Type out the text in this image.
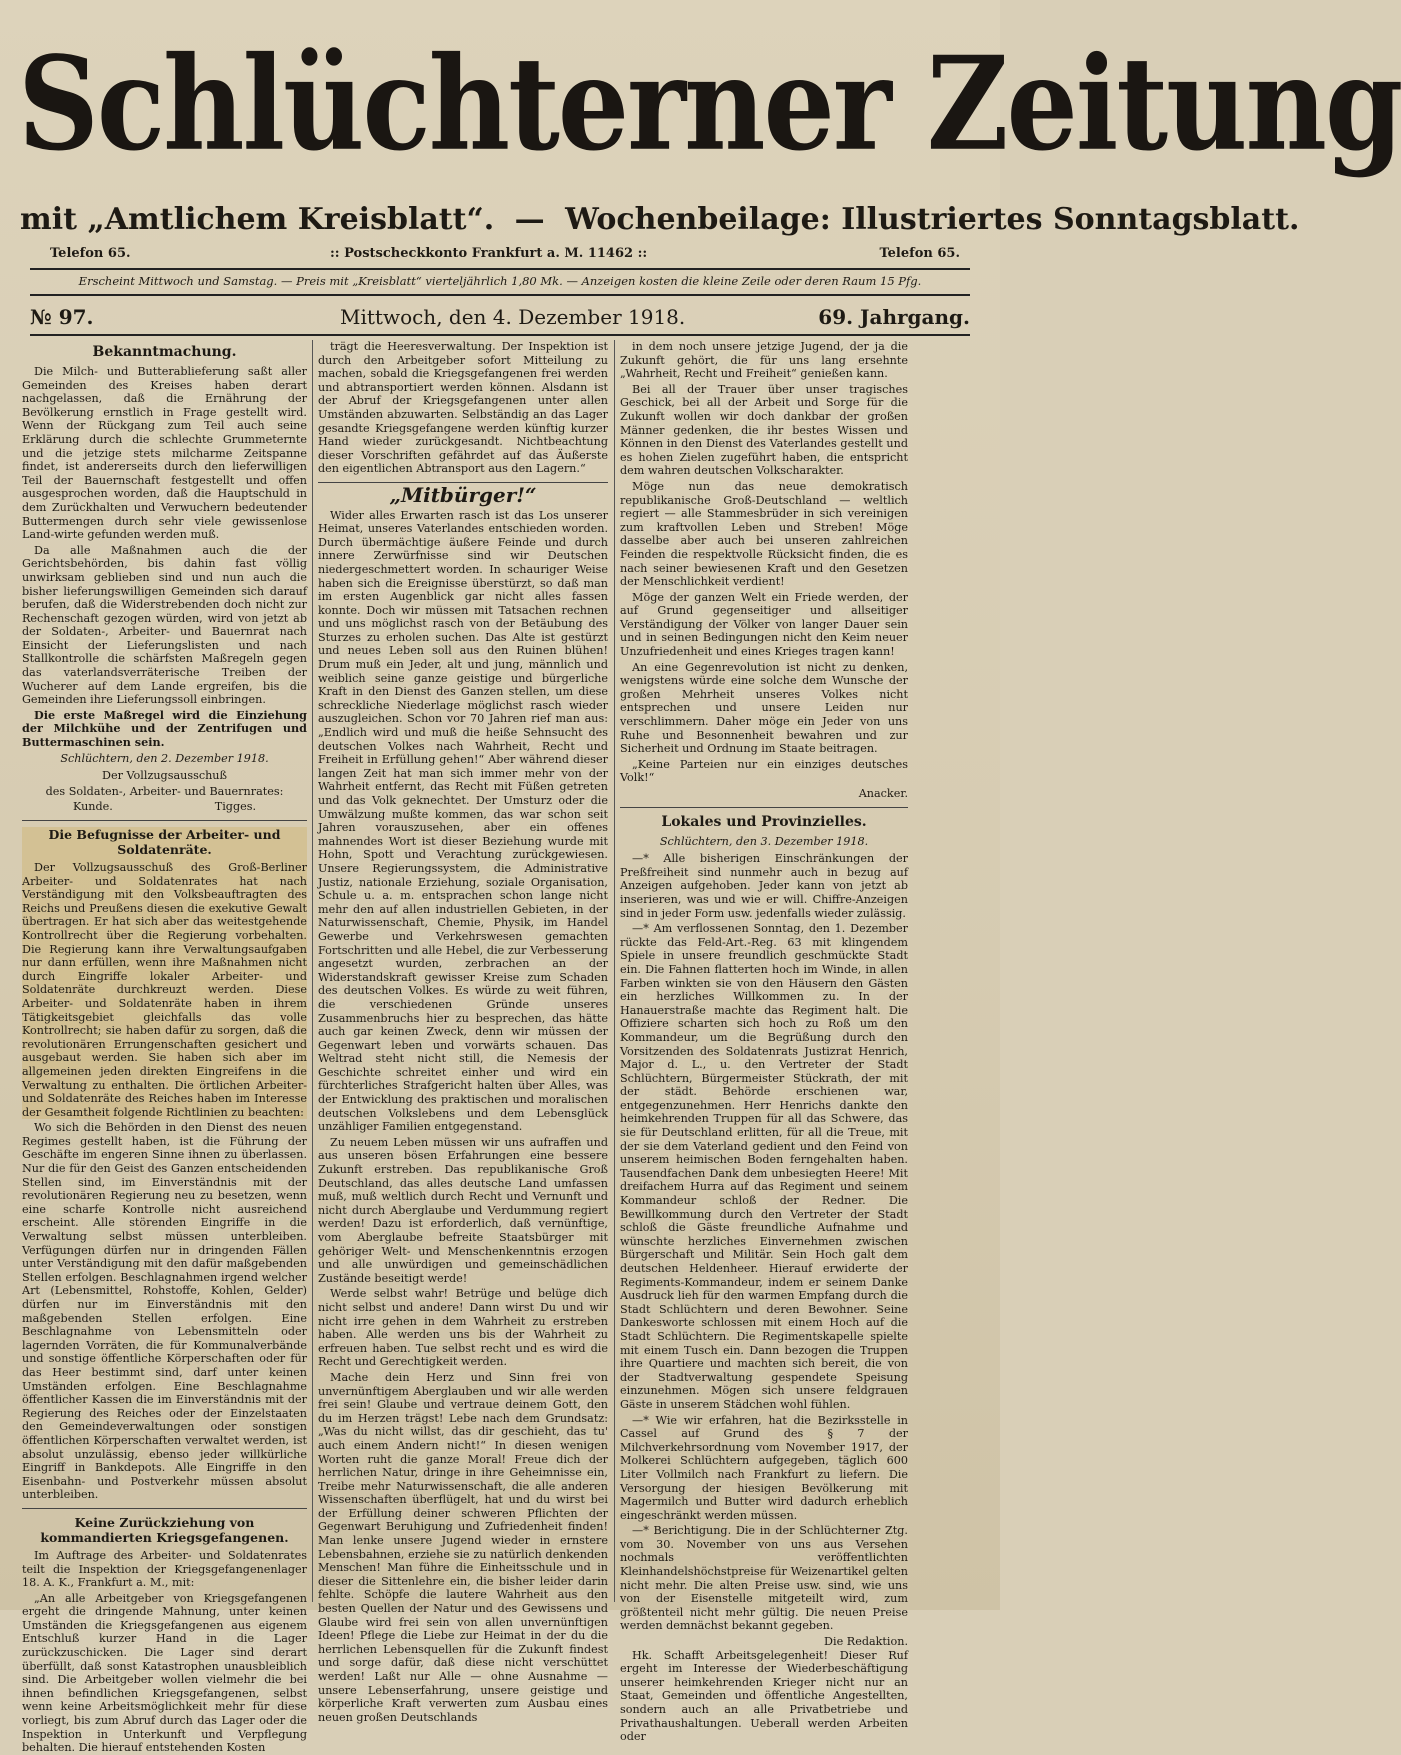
Schlüchterner Zeitung
mit „Amtlichem Kreisblatt“. — Wochenbeilage: Illustriertes Sonntagsblatt.
Telefon 65.	:: Postscheckkonto Frankfurt a. M. 11462 ::	Telefon 65.
Erscheint Mittwoch und Samstag. — Preis mit „Kreisblatt“ vierteljährlich 1,80 Mk. — Anzeigen kosten die kleine Zeile oder deren Raum 15 Pfg.
№ 97.	Mittwoch, den 4. Dezember 1918.	69. Jahrgang.
Bekanntmachung.

Die Milch- und Butterablieferung saßt aller Gemeinden des Kreises haben derart nachgelassen, daß die Ernährung der Bevölkerung ernstlich in Frage gestellt wird. Wenn der Rückgang zum Teil auch seine Erklärung durch die schlechte Grummeternte und die jetzige stets milcharme Zeitspanne findet, ist andererseits durch den lieferwilligen Teil der Bauernschaft festgestellt und offen ausgesprochen worden, daß die Hauptschuld in dem Zurückhalten und Verwuchern bedeutender Buttermengen durch sehr viele gewissenlose Land-wirte gefunden werden muß.

Da alle Maßnahmen auch die der Gerichtsbehörden, bis dahin fast völlig unwirksam geblieben sind und nun auch die bisher lieferungswilligen Gemeinden sich darauf berufen, daß die Widerstrebenden doch nicht zur Rechenschaft gezogen würden, wird von jetzt ab der Soldaten-, Arbeiter- und Bauernrat nach Einsicht der Lieferungslisten und nach Stallkontrolle die schärfsten Maßregeln gegen das vaterlandsverräterische Treiben der Wucherer auf dem Lande ergreifen, bis die Gemeinden ihre Lieferungssoll einbringen.

Die erste Maßregel wird die Einziehung der Milchkühe und der Zentrifugen und Buttermaschinen sein.

Schlüchtern, den 2. Dezember 1918.
Der Vollzugsausschuß
des Soldaten-, Arbeiter- und Bauernrates:
Kunde.	Tigges.
Die Befugnisse der Arbeiter- und Soldatenräte.

Der Vollzugsausschuß des Groß-Berliner Arbeiter- und Soldatenrates hat nach Verständigung mit den Volksbeauftragten des Reichs und Preußens diesen die exekutive Gewalt übertragen. Er hat sich aber das weitestgehende Kontrollrecht über die Regierung vorbehalten. Die Regierung kann ihre Verwaltungsaufgaben nur dann erfüllen, wenn ihre Maßnahmen nicht durch Eingriffe lokaler Arbeiter- und Soldatenräte durchkreuzt werden. Diese Arbeiter- und Soldatenräte haben in ihrem Tätigkeitsgebiet gleichfalls das volle Kontrollrecht; sie haben dafür zu sorgen, daß die revolutionären Errungenschaften gesichert und ausgebaut werden. Sie haben sich aber im allgemeinen jeden direkten Eingreifens in die Verwaltung zu enthalten. Die örtlichen Arbeiter- und Soldatenräte des Reiches haben im Interesse der Gesamtheit folgende Richtlinien zu beachten:

Wo sich die Behörden in den Dienst des neuen Regimes gestellt haben, ist die Führung der Geschäfte im engeren Sinne ihnen zu überlassen. Nur die für den Geist des Ganzen entscheidenden Stellen sind, im Einverständnis mit der revolutionären Regierung neu zu besetzen, wenn eine scharfe Kontrolle nicht ausreichend erscheint. Alle störenden Eingriffe in die Verwaltung selbst müssen unterbleiben. Verfügungen dürfen nur in dringenden Fällen unter Verständigung mit den dafür maßgebenden Stellen erfolgen. Beschlagnahmen irgend welcher Art (Lebensmittel, Rohstoffe, Kohlen, Gelder) dürfen nur im Einverständnis mit den maßgebenden Stellen erfolgen. Eine Beschlagnahme von Lebensmitteln oder lagernden Vorräten, die für Kommunalverbände und sonstige öffentliche Körperschaften oder für das Heer bestimmt sind, darf unter keinen Umständen erfolgen. Eine Beschlagnahme öffentlicher Kassen die im Einverständnis mit der Regierung des Reiches oder der Einzelstaaten den Gemeindeverwaltungen oder sonstigen öffentlichen Körperschaften verwaltet werden, ist absolut unzulässig, ebenso jeder willkürliche Eingriff in Bankdepots. Alle Eingriffe in den Eisenbahn- und Postverkehr müssen absolut unterbleiben.

Keine Zurückziehung von kommandierten Kriegsgefangenen.

Im Auftrage des Arbeiter- und Soldatenrates teilt die Inspektion der Kriegsgefangenenlager 18. A. K., Frankfurt a. M., mit:

„An alle Arbeitgeber von Kriegsgefangenen ergeht die dringende Mahnung, unter keinen Umständen die Kriegsgefangenen aus eigenem Entschluß kurzer Hand in die Lager zurückzuschicken. Die Lager sind derart überfüllt, daß sonst Katastrophen unausbleiblich sind. Die Arbeitgeber wollen vielmehr die bei ihnen befindlichen Kriegsgefangenen, selbst wenn keine Arbeitsmöglichkeit mehr für diese vorliegt, bis zum Abruf durch das Lager oder die Inspektion in Unterkunft und Verpflegung behalten. Die hierauf entstehenden Kosten

trägt die Heeresverwaltung. Der Inspektion ist durch den Arbeitgeber sofort Mitteilung zu machen, sobald die Kriegsgefangenen frei werden und abtransportiert werden können. Alsdann ist der Abruf der Kriegsgefangenen unter allen Umständen abzuwarten. Selbständig an das Lager gesandte Kriegsgefangene werden künftig kurzer Hand wieder zurückgesandt. Nichtbeachtung dieser Vorschriften gefährdet auf das Äußerste den eigentlichen Abtransport aus den Lagern.“

„Mitbürger!“

Wider alles Erwarten rasch ist das Los unserer Heimat, unseres Vaterlandes entschieden worden. Durch übermächtige äußere Feinde und durch innere Zerwürfnisse sind wir Deutschen niedergeschmettert worden. In schauriger Weise haben sich die Ereignisse überstürzt, so daß man im ersten Augenblick gar nicht alles fassen konnte. Doch wir müssen mit Tatsachen rechnen und uns möglichst rasch von der Betäubung des Sturzes zu erholen suchen. Das Alte ist gestürzt und neues Leben soll aus den Ruinen blühen! Drum muß ein Jeder, alt und jung, männlich und weiblich seine ganze geistige und bürgerliche Kraft in den Dienst des Ganzen stellen, um diese schreckliche Niederlage möglichst rasch wieder auszugleichen. Schon vor 70 Jahren rief man aus: „Endlich wird und muß die heiße Sehnsucht des deutschen Volkes nach Wahrheit, Recht und Freiheit in Erfüllung gehen!“ Aber während dieser langen Zeit hat man sich immer mehr von der Wahrheit entfernt, das Recht mit Füßen getreten und das Volk geknechtet. Der Umsturz oder die Umwälzung mußte kommen, das war schon seit Jahren vorauszusehen, aber ein offenes mahnendes Wort ist dieser Beziehung wurde mit Hohn, Spott und Verachtung zurückgewiesen. Unsere Regierungssystem, die Administrative Justiz, nationale Erziehung, soziale Organisation, Schule u. a. m. entsprachen schon lange nicht mehr den auf allen industriellen Gebieten, in der Naturwissenschaft, Chemie, Physik, im Handel Gewerbe und Verkehrswesen gemachten Fortschritten und alle Hebel, die zur Verbesserung angesetzt wurden, zerbrachen an der Widerstandskraft gewisser Kreise zum Schaden des deutschen Volkes. Es würde zu weit führen, die verschiedenen Gründe unseres Zusammenbruchs hier zu besprechen, das hätte auch gar keinen Zweck, denn wir müssen der Gegenwart leben und vorwärts schauen. Das Weltrad steht nicht still, die Nemesis der Geschichte schreitet einher und wird ein fürchterliches Strafgericht halten über Alles, was der Entwicklung des praktischen und moralischen deutschen Volkslebens und dem Lebensglück unzähliger Familien entgegenstand.

Zu neuem Leben müssen wir uns aufraffen und aus unseren bösen Erfahrungen eine bessere Zukunft erstreben. Das republikanische Groß Deutschland, das alles deutsche Land umfassen muß, muß weltlich durch Recht und Vernunft und nicht durch Aberglaube und Verdummung regiert werden! Dazu ist erforderlich, daß vernünftige, vom Aberglaube befreite Staatsbürger mit gehöriger Welt- und Menschenkenntnis erzogen und alle unwürdigen und gemeinschädlichen Zustände beseitigt werde!

Werde selbst wahr! Betrüge und belüge dich nicht selbst und andere! Dann wirst Du und wir nicht irre gehen in dem Wahrheit zu erstreben haben. Alle werden uns bis der Wahrheit zu erfreuen haben. Tue selbst recht und es wird die Recht und Gerechtigkeit werden.

Mache dein Herz und Sinn frei von unvernünftigem Aberglauben und wir alle werden frei sein! Glaube und vertraue deinem Gott, den du im Herzen trägst! Lebe nach dem Grundsatz: „Was du nicht willst, das dir geschieht, das tu' auch einem Andern nicht!“ In diesen wenigen Worten ruht die ganze Moral! Freue dich der herrlichen Natur, dringe in ihre Geheimnisse ein, Treibe mehr Naturwissenschaft, die alle anderen Wissenschaften überflügelt, hat und du wirst bei der Erfüllung deiner schweren Pflichten der Gegenwart Beruhigung und Zufriedenheit finden! Man lenke unsere Jugend wieder in ernstere Lebensbahnen, erziehe sie zu natürlich denkenden Menschen! Man führe die Einheitsschule und in dieser die Sittenlehre ein, die bisher leider darin fehlte. Schöpfe die lautere Wahrheit aus den besten Quellen der Natur und des Gewissens und Glaube wird frei sein von allen unvernünftigen Ideen! Pflege die Liebe zur Heimat in der du die herrlichen Lebensquellen für die Zukunft findest und sorge dafür, daß diese nicht verschüttet werden! Laßt nur Alle — ohne Ausnahme — unsere Lebenserfahrung, unsere geistige und körperliche Kraft verwerten zum Ausbau eines neuen großen Deutschlands

in dem noch unsere jetzige Jugend, der ja die Zukunft gehört, die für uns lang ersehnte „Wahrheit, Recht und Freiheit“ genießen kann.

Bei all der Trauer über unser tragisches Geschick, bei all der Arbeit und Sorge für die Zukunft wollen wir doch dankbar der großen Männer gedenken, die ihr bestes Wissen und Können in den Dienst des Vaterlandes gestellt und es hohen Zielen zugeführt haben, die entspricht dem wahren deutschen Volkscharakter.

Möge nun das neue demokratisch republikanische Groß-Deutschland — weltlich regiert — alle Stammesbrüder in sich vereinigen zum kraftvollen Leben und Streben! Möge dasselbe aber auch bei unseren zahlreichen Feinden die respektvolle Rücksicht finden, die es nach seiner bewiesenen Kraft und den Gesetzen der Menschlichkeit verdient!

Möge der ganzen Welt ein Friede werden, der auf Grund gegenseitiger und allseitiger Verständigung der Völker von langer Dauer sein und in seinen Bedingungen nicht den Keim neuer Unzufriedenheit und eines Krieges tragen kann!

An eine Gegenrevolution ist nicht zu denken, wenigstens würde eine solche dem Wunsche der großen Mehrheit unseres Volkes nicht entsprechen und unsere Leiden nur verschlimmern. Daher möge ein Jeder von uns Ruhe und Besonnenheit bewahren und zur Sicherheit und Ordnung im Staate beitragen.

„Keine Parteien nur ein einziges deutsches Volk!“

Anacker.
Lokales und Provinzielles.
Schlüchtern, den 3. Dezember 1918.

—* Alle bisherigen Einschränkungen der Preßfreiheit sind nunmehr auch in bezug auf Anzeigen aufgehoben. Jeder kann von jetzt ab inserieren, was und wie er will. Chiffre-Anzeigen sind in jeder Form usw. jedenfalls wieder zulässig.

—* Am verflossenen Sonntag, den 1. Dezember rückte das Feld-Art.-Reg. 63 mit klingendem Spiele in unsere freundlich geschmückte Stadt ein. Die Fahnen flatterten hoch im Winde, in allen Farben winkten sie von den Häusern den Gästen ein herzliches Willkommen zu. In der Hanauerstraße machte das Regiment halt. Die Offiziere scharten sich hoch zu Roß um den Kommandeur, um die Begrüßung durch den Vorsitzenden des Soldatenrats Justizrat Henrich, Major d. L., u. den Vertreter der Stadt Schlüchtern, Bürgermeister Stückrath, der mit der städt. Behörde erschienen war, entgegenzunehmen. Herr Henrichs dankte den heimkehrenden Truppen für all das Schwere, das sie für Deutschland erlitten, für all die Treue, mit der sie dem Vaterland gedient und den Feind von unserem heimischen Boden ferngehalten haben. Tausendfachen Dank dem unbesiegten Heere! Mit dreifachem Hurra auf das Regiment und seinem Kommandeur schloß der Redner. Die Bewillkommung durch den Vertreter der Stadt schloß die Gäste freundliche Aufnahme und wünschte herzliches Einvernehmen zwischen Bürgerschaft und Militär. Sein Hoch galt dem deutschen Heldenheer. Hierauf erwiderte der Regiments-Kommandeur, indem er seinem Danke Ausdruck lieh für den warmen Empfang durch die Stadt Schlüchtern und deren Bewohner. Seine Dankesworte schlossen mit einem Hoch auf die Stadt Schlüchtern. Die Regimentskapelle spielte mit einem Tusch ein. Dann bezogen die Truppen ihre Quartiere und machten sich bereit, die von der Stadtverwaltung gespendete Speisung einzunehmen. Mögen sich unsere feldgrauen Gäste in unserem Städchen wohl fühlen.

—* Wie wir erfahren, hat die Bezirksstelle in Cassel auf Grund des § 7 der Milchverkehrsordnung vom November 1917, der Molkerei Schlüchtern aufgegeben, täglich 600 Liter Vollmilch nach Frankfurt zu liefern. Die Versorgung der hiesigen Bevölkerung mit Magermilch und Butter wird dadurch erheblich eingeschränkt werden müssen.

—* Berichtigung. Die in der Schlüchterner Ztg. vom 30. November von uns aus Versehen nochmals veröffentlichten Kleinhandelshöchstpreise für Weizenartikel gelten nicht mehr. Die alten Preise usw. sind, wie uns von der Eisenstelle mitgeteilt wird, zum größtenteil nicht mehr gültig. Die neuen Preise werden demnächst bekannt gegeben.

Die Redaktion.

Hk. Schafft Arbeitsgelegenheit! Dieser Ruf ergeht im Interesse der Wiederbeschäftigung unserer heimkehrenden Krieger nicht nur an Staat, Gemeinden und öffentliche Angestellten, sondern auch an alle Privatbetriebe und Privathaushaltungen. Ueberall werden Arbeiten oder
